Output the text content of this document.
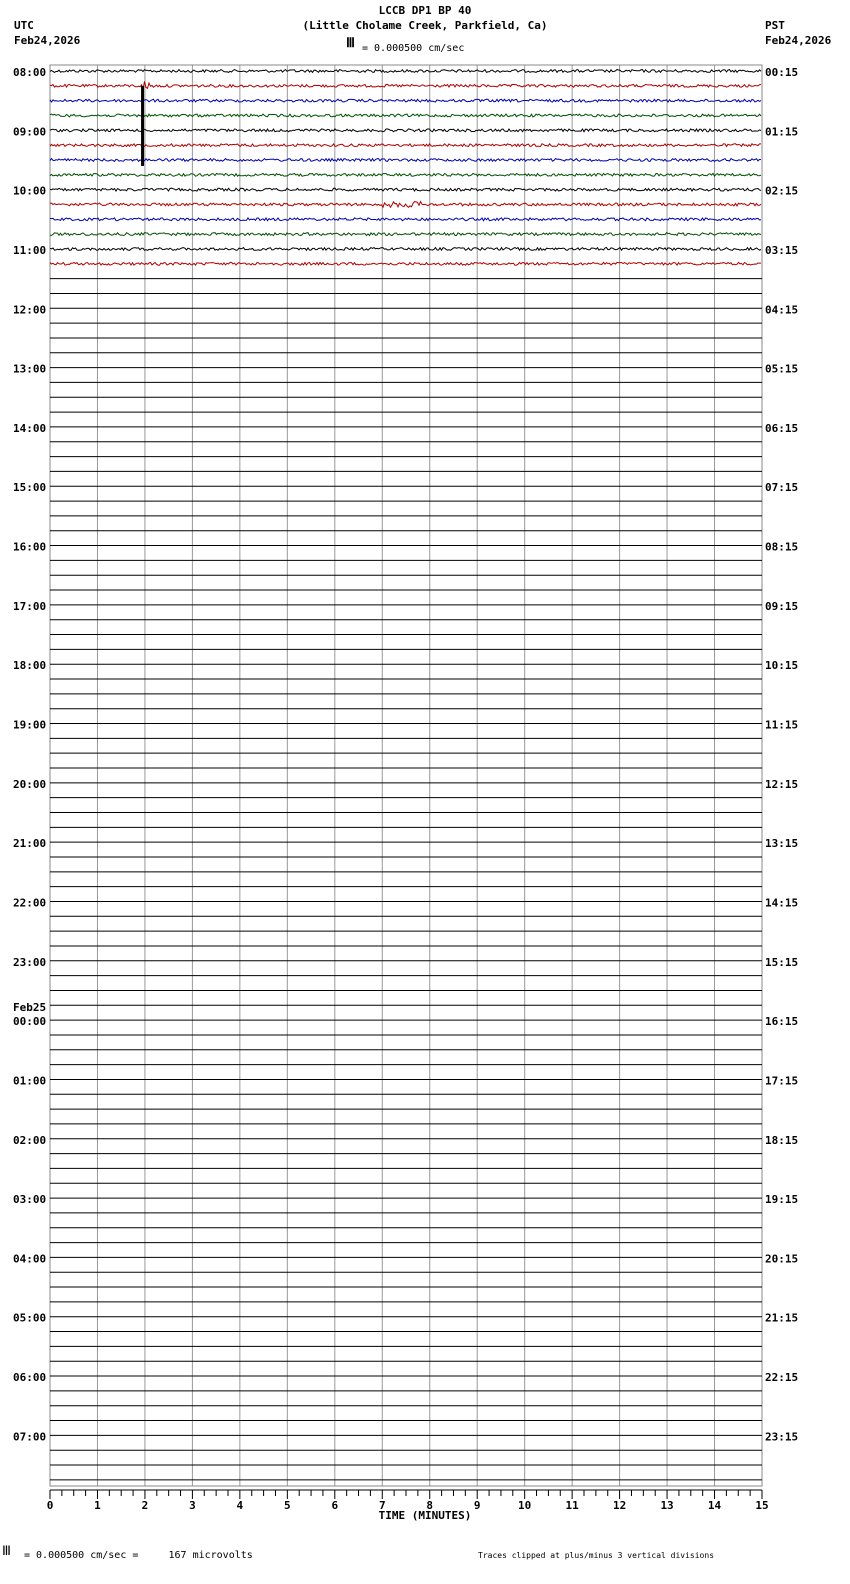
LCCB DP1 BP 40
(Little Cholame Creek, Parkfield, Ca)
Ⅲ = 0.000500 cm/sec
UTC
Feb24,2026
PST
Feb24,2026
08:00
09:00
10:00
11:00
12:00
13:00
14:00
15:00
16:00
17:00
18:00
19:00
20:00
21:00
22:00
23:00
00:00
Feb25
01:00
02:00
03:00
04:00
05:00
06:00
07:00
00:15
01:15
02:15
03:15
04:15
05:15
06:15
07:15
08:15
09:15
10:15
11:15
12:15
13:15
14:15
15:15
16:15
17:15
18:15
19:15
20:15
21:15
22:15
23:15
0	1	2	3	4	5	6	7	8	9	10	11	12	13	14	15
TIME (MINUTES)
Ⅲ = 0.000500 cm/sec =     167 microvolts	Traces clipped at plus/minus 3 vertical divisions
